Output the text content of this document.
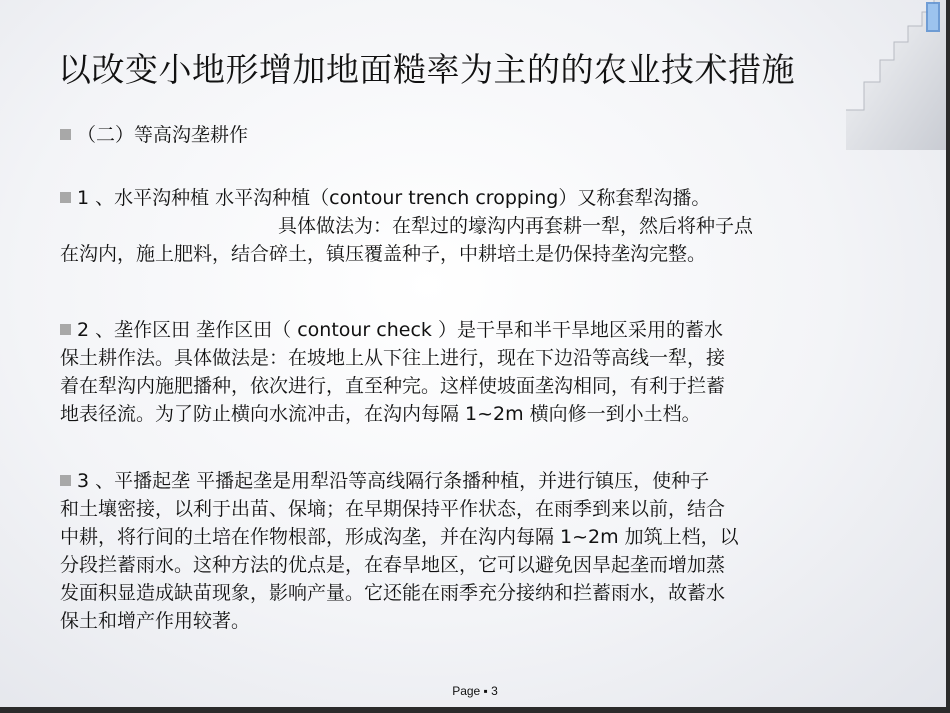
以改变小地形增加地面糙率为主的的农业技术措施
（二）等高沟垄耕作
1 、水平沟种植 水平沟种植（contour trench cropping）又称套犁沟播。
具体做法为：在犁过的壕沟内再套耕一犁，然后将种子点
在沟内，施上肥料，结合碎土，镇压覆盖种子，中耕培土是仍保持垄沟完整。
2 、垄作区田 垄作区田（ contour check ）是干旱和半干旱地区采用的蓄水
保土耕作法。具体做法是：在坡地上从下往上进行，现在下边沿等高线一犁，接
着在犁沟内施肥播种，依次进行，直至种完。这样使坡面垄沟相同，有利于拦蓄
地表径流。为了防止横向水流冲击，在沟内每隔 1~2m 横向修一到小土档。
3 、平播起垄 平播起垄是用犁沿等高线隔行条播种植，并进行镇压，使种子
和土壤密接，以利于出苗、保墒；在早期保持平作状态，在雨季到来以前，结合
中耕，将行间的土培在作物根部，形成沟垄，并在沟内每隔 1~2m 加筑上档，以
分段拦蓄雨水。这种方法的优点是，在春旱地区，它可以避免因旱起垄而增加蒸
发面积显造成缺苗现象，影响产量。它还能在雨季充分接纳和拦蓄雨水，故蓄水
保土和增产作用较著。
Page ▪ 3
